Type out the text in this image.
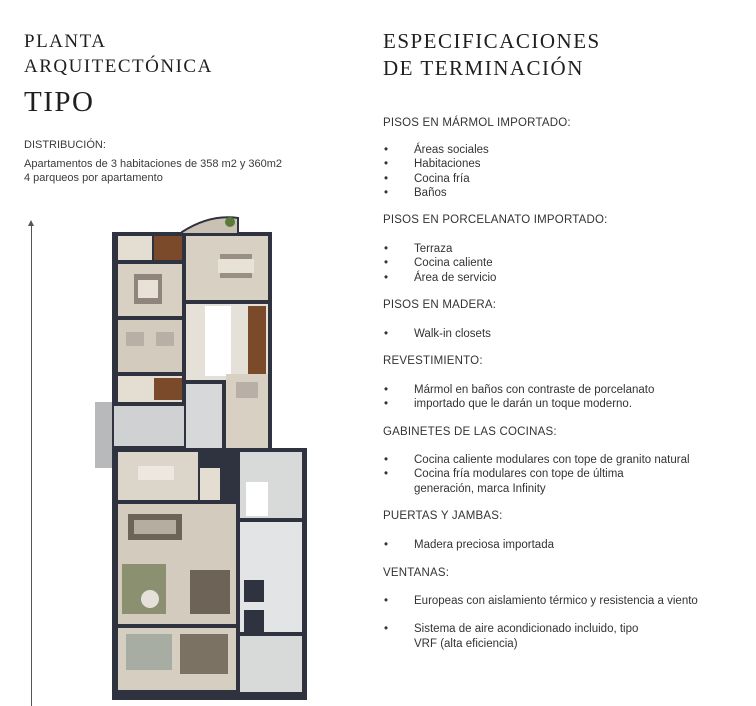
PLANTA
ARQUITECTÓNICA
TIPO
DISTRIBUCIÓN:
Apartamentos de 3 habitaciones de 358 m2 y 360m2
4 parqueos por apartamento
ESPECIFICACIONES
DE TERMINACIÓN
PISOS EN MÁRMOL IMPORTADO:
• Áreas sociales
• Habitaciones
• Cocina fría
• Baños
PISOS EN PORCELANATO IMPORTADO:
• Terraza
• Cocina caliente
• Área de servicio
PISOS EN MADERA:
• Walk-in closets
REVESTIMIENTO:
• Mármol en baños con contraste de porcelanato
• importado que le darán un toque moderno.
GABINETES DE LAS COCINAS:
• Cocina caliente modulares con tope de granito natural
• Cocina fría modulares con tope de última generación, marca Infinity
PUERTAS Y JAMBAS:
• Madera preciosa importada
VENTANAS:
• Europeas con aislamiento térmico y resistencia a viento
• Sistema de aire acondicionado incluido, tipo VRF (alta eficiencia)
